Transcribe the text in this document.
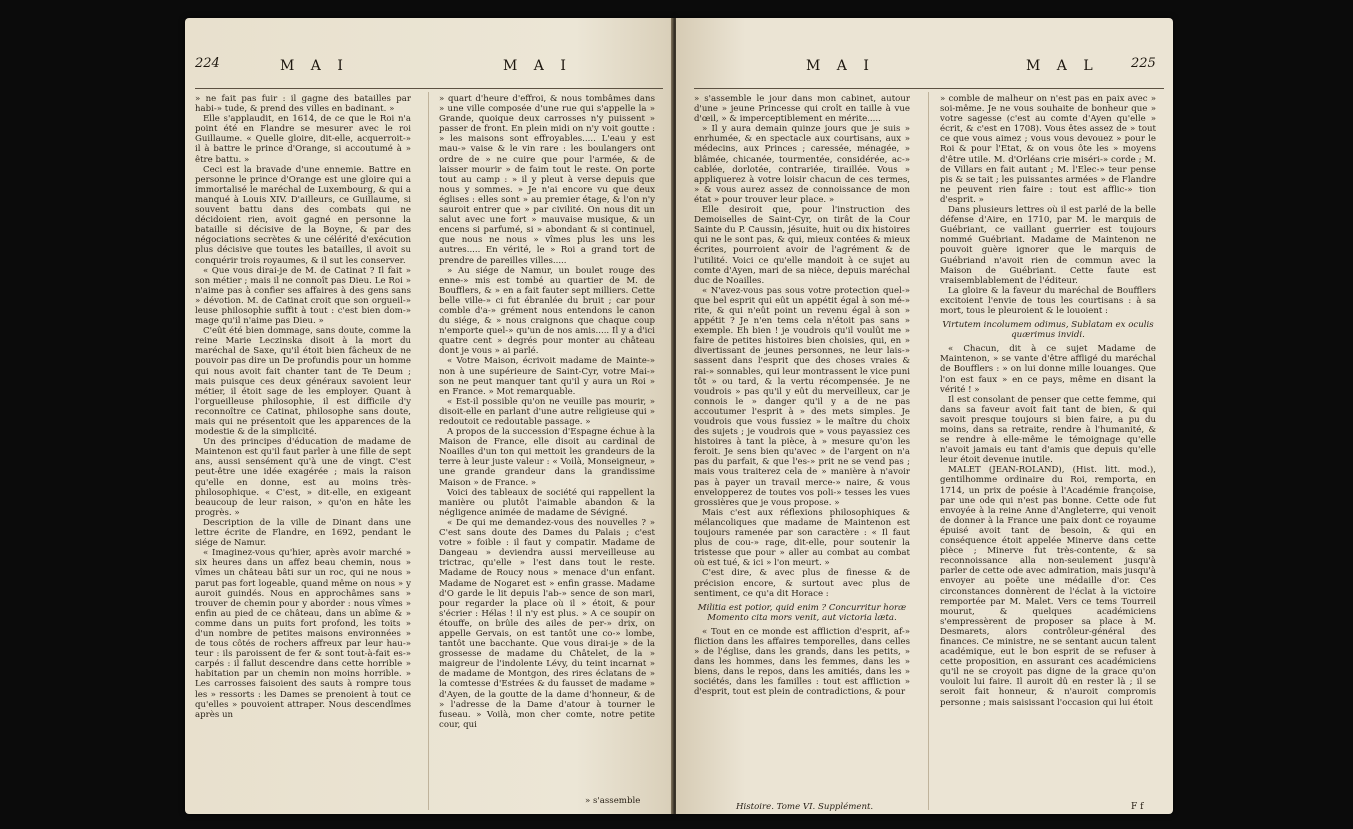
224	M A I	M A I

» ne fait pas fuir : il gagne des batailles par habi-» tude, & prend des villes en badinant. »

Elle s'applaudit, en 1614, de ce que le Roi n'a point été en Flandre se mesurer avec le roi Guillaume. « Quelle gloire, dit-elle, acquerroit-» il à battre le prince d'Orange, si accoutumé à » être battu. »

Ceci est la bravade d'une ennemie. Battre en personne le prince d'Orange est une gloire qui a immortalisé le maréchal de Luxembourg, & qui a manqué à Louis XIV. D'ailleurs, ce Guillaume, si souvent battu dans des combats qui ne décidoient rien, avoit gagné en personne la bataille si décisive de la Boyne, & par des négociations secrètes & une célérité d'exécution plus décisive que toutes les batailles, il avoit su conquérir trois royaumes, & il sut les conserver.

« Que vous dirai-je de M. de Catinat ? Il fait » son métier ; mais il ne connoît pas Dieu. Le Roi » n'aime pas à confier ses affaires à des gens sans » dévotion. M. de Catinat croit que son orgueil-» leuse philosophie suffit à tout : c'est bien dom-» mage qu'il n'aime pas Dieu. »

C'eût été bien dommage, sans doute, comme la reine Marie Leczinska disoit à la mort du maréchal de Saxe, qu'il étoit bien fâcheux de ne pouvoir pas dire un De profundis pour un homme qui nous avoit fait chanter tant de Te Deum ; mais puisque ces deux généraux savoient leur métier, il étoit sage de les employer. Quant à l'orgueilleuse philosophie, il est difficile d'y reconnoître ce Catinat, philosophe sans doute, mais qui ne présentoit que les apparences de la modestie & de la simplicité.

Un des principes d'éducation de madame de Maintenon est qu'il faut parler à une fille de sept ans, aussi sensément qu'à une de vingt. C'est peut-être une idée exagérée ; mais la raison qu'elle en donne, est au moins très-philosophique. « C'est, » dit-elle, en exigeant beaucoup de leur raison, » qu'on en hâte les progrès. »

Description de la ville de Dinant dans une lettre écrite de Flandre, en 1692, pendant le siége de Namur.

« Imaginez-vous qu'hier, après avoir marché » six heures dans un affez beau chemin, nous » vîmes un château bâti sur un roc, qui ne nous » parut pas fort logeable, quand même on nous » y auroit guindés. Nous en approchâmes sans » trouver de chemin pour y aborder : nous vîmes » enfin au pied de ce château, dans un abîme & » comme dans un puits fort profond, les toits » d'un nombre de petites maisons environnées » de tous côtés de rochers affreux par leur hau-» teur : ils paroissent de fer & sont tout-à-fait es-» carpés : il fallut descendre dans cette horrible » habitation par un chemin non moins horrible. » Les carrosses faisoient des sauts à rompre tous les » ressorts : les Dames se prenoient à tout ce qu'elles » pouvoient attraper. Nous descendîmes après un

» quart d'heure d'effroi, & nous tombâmes dans » une ville composée d'une rue qui s'appelle la » Grande, quoique deux carrosses n'y puissent » passer de front. En plein midi on n'y voit goutte : » les maisons sont effroyables..... L'eau y est mau-» vaise & le vin rare : les boulangers ont ordre de » ne cuire que pour l'armée, & de laisser mourir » de faim tout le reste. On porte tout au camp : » il y pleut à verse depuis que nous y sommes. » Je n'ai encore vu que deux églises : elles sont » au premier étage, & l'on n'y sauroit entrer que » par civilité. On nous dit un salut avec une fort » mauvaise musique, & un encens si parfumé, si » abondant & si continuel, que nous ne nous » vîmes plus les uns les autres..... En vérité, le » Roi a grand tort de prendre de pareilles villes.....

» Au siége de Namur, un boulet rouge des enne-» mis est tombé au quartier de M. de Boufflers, & » en a fait fauter sept milliers. Cette belle ville-» ci fut ébranlée du bruit ; car pour comble d'a-» grément nous entendons le canon du siége, & » nous craignons que chaque coup n'emporte quel-» qu'un de nos amis..... Il y a d'ici quatre cent » degrés pour monter au château dont je vous » ai parlé.

« Votre Maison, écrivoit madame de Mainte-» non à une supérieure de Saint-Cyr, votre Mai-» son ne peut manquer tant qu'il y aura un Roi » en France. » Mot remarquable.

« Est-il possible qu'on ne veuille pas mourir, » disoit-elle en parlant d'une autre religieuse qui » redoutoit ce redoutable passage. »

A propos de la succession d'Espagne échue à la Maison de France, elle disoit au cardinal de Noailles d'un ton qui mettoit les grandeurs de la terre à leur juste valeur : « Voilà, Monseigneur, » une grande grandeur dans la grandissime Maison » de France. »

Voici des tableaux de société qui rappellent la manière ou plutôt l'aimable abandon & la négligence animée de madame de Sévigné.

« De qui me demandez-vous des nouvelles ? » C'est sans doute des Dames du Palais ; c'est votre » foible : il faut y compatir. Madame de Dangeau » deviendra aussi merveilleuse au trictrac, qu'elle » l'est dans tout le reste. Madame de Roucy nous » menace d'un enfant. Madame de Nogaret est » enfin grasse. Madame d'O garde le lit depuis l'ab-» sence de son mari, pour regarder la place où il » étoit, & pour s'écrier : Hélas ! il n'y est plus. » A ce soupir on étouffe, on brûle des ailes de per-» drix, on appelle Gervais, on est tantôt une co-» lombe, tantôt une bacchante. Que vous dirai-je » de la grossesse de madame du Châtelet, de la » maigreur de l'indolente Lévy, du teint incarnat » de madame de Montgon, des rires éclatans de » la comtesse d'Estrées & du fausset de madame » d'Ayen, de la goutte de la dame d'honneur, & de » l'adresse de la Dame d'atour à tourner le fuseau. » Voilà, mon cher comte, notre petite cour, qui

» s'assemble
M A I	M A L 225

» s'assemble le jour dans mon cabinet, autour d'une » jeune Princesse qui croît en taille à vue d'œil, » & imperceptiblement en mérite.....

» Il y aura demain quinze jours que je suis » enrhumée, & en spectacle aux courtisans, aux » médecins, aux Princes ; caressée, ménagée, » blâmée, chicanée, tourmentée, considérée, ac-» cablée, dorlotée, contrariée, tiraillée. Vous » appliquerez à votre loisir chacun de ces termes, » & vous aurez assez de connoissance de mon état » pour trouver leur place. »

Elle desiroit que, pour l'instruction des Demoiselles de Saint-Cyr, on tirât de la Cour Sainte du P. Caussin, jésuite, huit ou dix histoires qui ne le sont pas, & qui, mieux contées & mieux écrites, pourroient avoir de l'agrément & de l'utilité. Voici ce qu'elle mandoit à ce sujet au comte d'Ayen, mari de sa nièce, depuis maréchal duc de Noailles.

« N'avez-vous pas sous votre protection quel-» que bel esprit qui eût un appétit égal à son mé-» rite, & qui n'eût point un revenu égal à son » appétit ? Je n'en tems cela n'étoit pas sans » exemple. Eh bien ! je voudrois qu'il voulût me » faire de petites histoires bien choisies, qui, en » divertissant de jeunes personnes, ne leur lais-» sassent dans l'esprit que des choses vraies & rai-» sonnables, qui leur montrassent le vice puni tôt » ou tard, & la vertu récompensée. Je ne voudrois » pas qu'il y eût du merveilleux, car je connois le » danger qu'il y a de ne pas accoutumer l'esprit à » des mets simples. Je voudrois que vous fussiez » le maître du choix des sujets ; je voudrois que » vous payassiez ces histoires à tant la pièce, à » mesure qu'on les feroit. Je sens bien qu'avec » de l'argent on n'a pas du parfait, & que l'es-» prit ne se vend pas ; mais vous traiterez cela de » manière à n'avoir pas à payer un travail merce-» naire, & vous envelopperez de toutes vos poli-» tesses les vues grossières que je vous propose. »

Mais c'est aux réflexions philosophiques & mélancoliques que madame de Maintenon est toujours ramenée par son caractère : « Il faut plus de cou-» rage, dit-elle, pour soutenir la tristesse que pour » aller au combat au combat où est tué, & ici » l'on meurt. »

C'est dire, & avec plus de finesse & de précision encore, & surtout avec plus de sentiment, ce qu'a dit Horace :

Militia est potior, quid enim ? Concurritur horæ Momento cita mors venit, aut victoria læta.

« Tout en ce monde est affliction d'esprit, af-» fliction dans les affaires temporelles, dans celles » de l'église, dans les grands, dans les petits, » dans les hommes, dans les femmes, dans les » biens, dans le repos, dans les amitiés, dans les » sociétés, dans les familles : tout est affliction » d'esprit, tout est plein de contradictions, & pour

» comble de malheur on n'est pas en paix avec » soi-même. Je ne vous souhaite de bonheur que » votre sagesse (c'est au comte d'Ayen qu'elle » écrit, & c'est en 1708). Vous êtes assez de » tout ce que vous aimez ; vous vous devouez » pour le Roi & pour l'Etat, & on vous ôte les » moyens d'être utile. M. d'Orléans crie miséri-» corde ; M. de Villars en fait autant ; M. l'Elec-» teur pense pis & se tait ; les puissantes armées » de Flandre ne peuvent rien faire : tout est afflic-» tion d'esprit. »

Dans plusieurs lettres où il est parlé de la belle défense d'Aire, en 1710, par M. le marquis de Guébriant, ce vaillant guerrier est toujours nommé Guébriant. Madame de Maintenon ne pouvoit guère ignorer que le marquis de Guébriand n'avoit rien de commun avec la Maison de Guébriant. Cette faute est vraisemblablement de l'éditeur.

La gloire & la faveur du maréchal de Boufflers excitoient l'envie de tous les courtisans : à sa mort, tous le pleuroient & le louoient :

Virtutem incolumem odimus, Sublatam ex oculis quærimus invidi.

« Chacun, dit à ce sujet Madame de Maintenon, » se vante d'être affligé du maréchal de Boufflers : » on lui donne mille louanges. Que l'on est faux » en ce pays, même en disant la vérité ! »

Il est consolant de penser que cette femme, qui dans sa faveur avoit fait tant de bien, & qui savoit presque toujours si bien faire, a pu du moins, dans sa retraite, rendre à l'humanité, & se rendre à elle-même le témoignage qu'elle n'avoit jamais eu tant d'amis que depuis qu'elle leur étoit devenue inutile.

MALET (JEAN-ROLAND), (Hist. litt. mod.), gentilhomme ordinaire du Roi, remporta, en 1714, un prix de poésie à l'Académie françoise, par une ode qui n'est pas bonne. Cette ode fut envoyée à la reine Anne d'Angleterre, qui venoit de donner à la France une paix dont ce royaume épuisé avoit tant de besoin, & qui en conséquence étoit appelée Minerve dans cette pièce ; Minerve fut très-contente, & sa reconnoissance alla non-seulement jusqu'à parler de cette ode avec admiration, mais jusqu'à envoyer au poëte une médaille d'or. Ces circonstances donnèrent de l'éclat à la victoire remportée par M. Malet. Vers ce tems Tourreil mourut, & quelques académiciens s'empressèrent de proposer sa place à M. Desmarets, alors contrôleur-général des finances. Ce ministre, ne se sentant aucun talent académique, eut le bon esprit de se refuser à cette proposition, en assurant ces académiciens qu'il ne se croyoit pas digne de la grace qu'on vouloit lui faire. Il auroit dû en rester là ; il se seroit fait honneur, & n'auroit compromis personne ; mais saisissant l'occasion qui lui étoit

Histoire. Tome VI. Supplément.	F f
